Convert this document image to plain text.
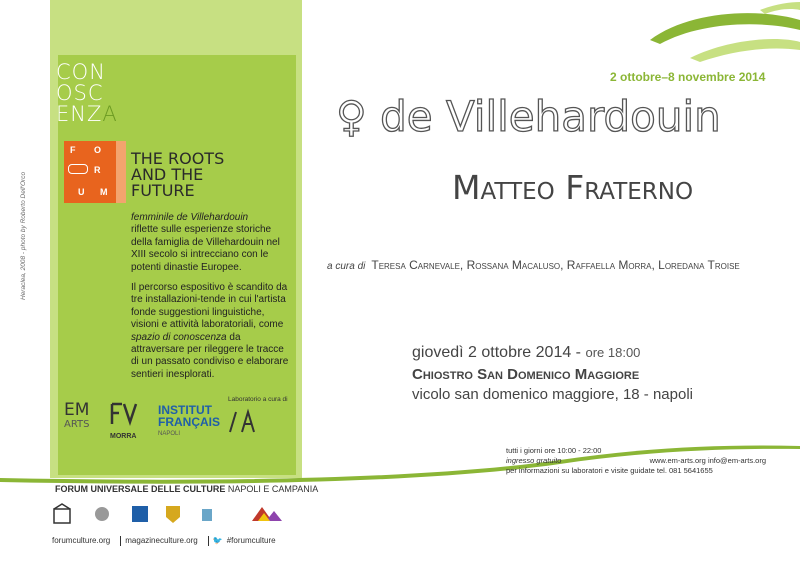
Heraclea, 2008 - photo by Roberto Dell'Orco
CON
OSC
ENZA
F O
R
U M
THE ROOTS
AND THE
FUTURE

femminile de Villehardouin
riflette sulle esperienze storiche della famiglia de Villehardouin nel XIII secolo si intrecciano con le potenti dinastie Europee.

Il percorso espositivo è scandito da tre installazioni-tende in cui l'artista fonde suggestioni linguistiche, visioni e attività laboratoriali, come spazio di conoscenza da attraversare per rileggere le tracce di un passato condiviso e elaborare sentieri inesplorati.

EM
ARTS
MORRA
INSTITUT
FRANÇAIS
NAPOLI
Laboratorio a cura di
2 ottobre–8 novembre 2014
♀ de Villehardouin
Matteo Fraterno
a cura di Teresa Carnevale, Rossana Macaluso, Raffaella Morra, Loredana Troise
giovedì 2 ottobre 2014 - ore 18:00
Chiostro San Domenico Maggiore
vicolo san domenico maggiore, 18 - napoli
tutti i giorni ore 10:00 - 22:00
ingresso gratuito	www.em-arts.org info@em-arts.org
per informazioni su laboratori e visite guidate tel. 081 5641655
FORUM UNIVERSALE DELLE CULTURE NAPOLI E CAMPANIA
forumculture.org magazineculture.org 🐦 #forumculture
